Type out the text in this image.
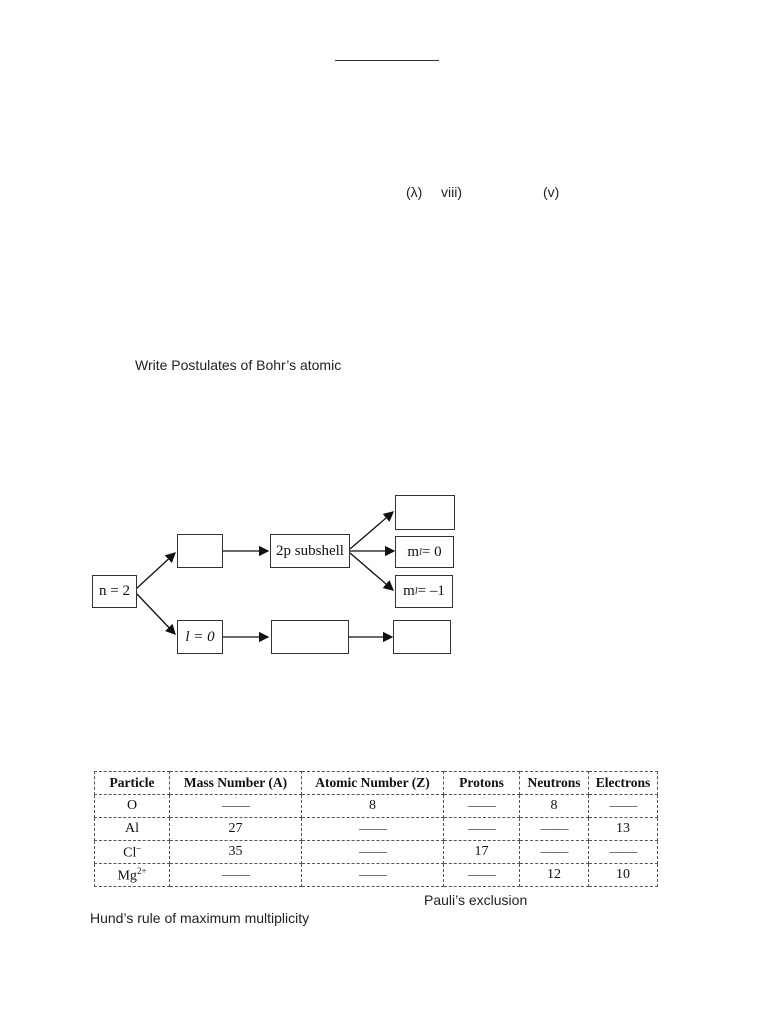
(λ) viii)	(v)
Write Postulates of Bohr’s atomic
n = 2
l = 0
2p subshell	m l = 0
m l = –1
Particle	Mass Number (A)	Atomic Number (Z)	Protons	Neutrons	Electrons
O	------------	8	------------	8	------------
Al	27	------------	------------	------------	13
Cl–	35	------------	17	------------	------------
$Mg^{2+}$	------------	------------	------------	12	10
Pauli’s exclusion
Hund’s rule of maximum multiplicity
